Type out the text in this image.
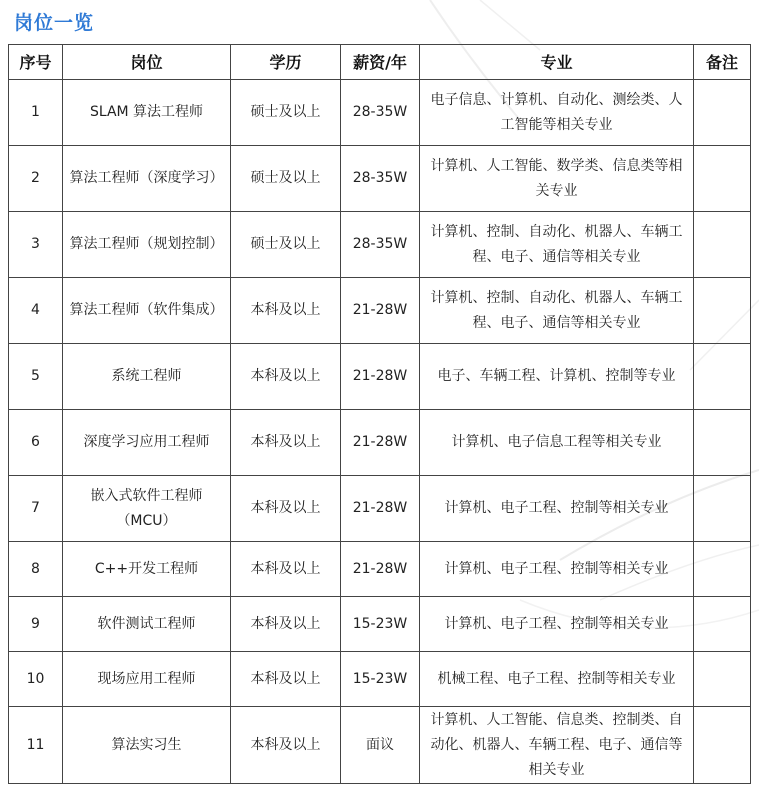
岗位一览
序号	岗位	学历	薪资/年	专业	备注
1	SLAM 算法工程师	硕士及以上	28-35W	电子信息、计算机、自动化、测绘类、人工智能等相关专业	
2	算法工程师（深度学习）	硕士及以上	28-35W	计算机、人工智能、数学类、信息类等相关专业	
3	算法工程师（规划控制）	硕士及以上	28-35W	计算机、控制、自动化、机器人、车辆工程、电子、通信等相关专业	
4	算法工程师（软件集成）	本科及以上	21-28W	计算机、控制、自动化、机器人、车辆工程、电子、通信等相关专业	
5	系统工程师	本科及以上	21-28W	电子、车辆工程、计算机、控制等专业	
6	深度学习应用工程师	本科及以上	21-28W	计算机、电子信息工程等相关专业	
7	嵌入式软件工程师（MCU）	本科及以上	21-28W	计算机、电子工程、控制等相关专业	
8	C++开发工程师	本科及以上	21-28W	计算机、电子工程、控制等相关专业	
9	软件测试工程师	本科及以上	15-23W	计算机、电子工程、控制等相关专业	
10	现场应用工程师	本科及以上	15-23W	机械工程、电子工程、控制等相关专业	
11	算法实习生	本科及以上	面议	计算机、人工智能、信息类、控制类、自动化、机器人、车辆工程、电子、通信等相关专业	
